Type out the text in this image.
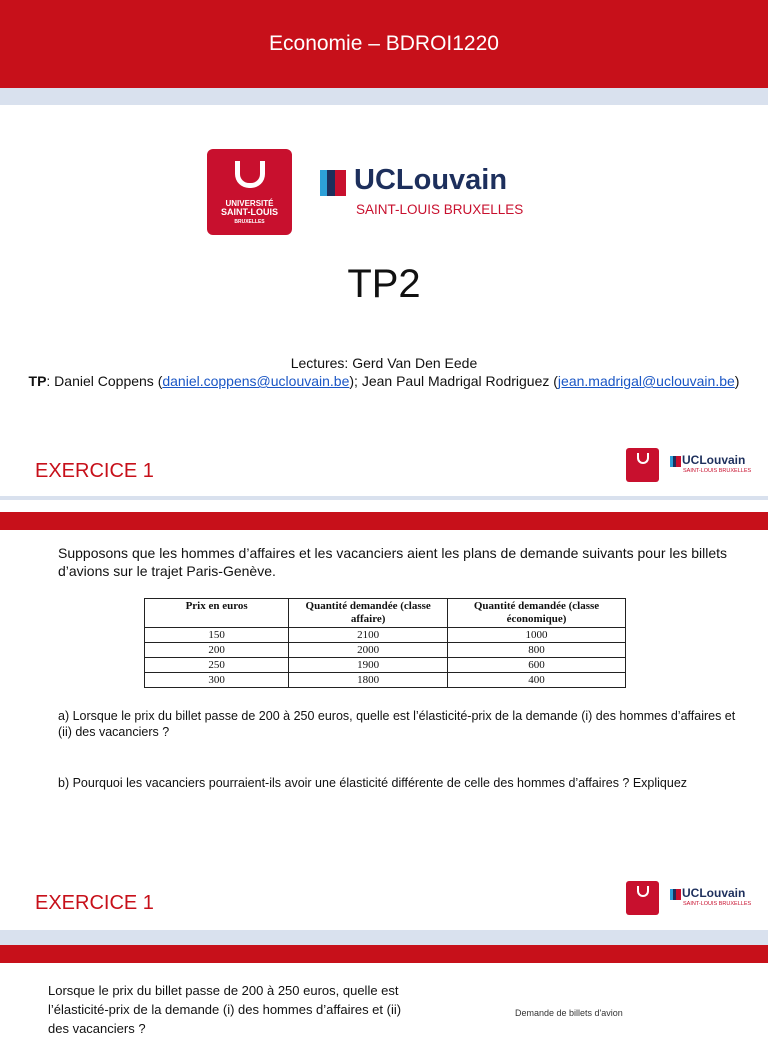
Economie – BDROI1220
UNIVERSITÉ
SAINT-LOUIS
BRUXELLES
UCLouvain
SAINT-LOUIS BRUXELLES
TP2
Lectures: Gerd Van Den Eede
TP: Daniel Coppens (daniel.coppens@uclouvain.be); Jean Paul Madrigal Rodriguez (jean.madrigal@uclouvain.be)
EXERCICE 1	UCLouvain
SAINT-LOUIS BRUXELLES
Supposons que les hommes d’affaires et les vacanciers aient les plans de demande suivants pour les billets d’avions sur le trajet Paris-Genève.
Prix en euros	Quantité demandée (classe affaire)	Quantité demandée (classe économique)
150	2100	1000
200	2000	800
250	1900	600
300	1800	400
a) Lorsque le prix du billet passe de 200 à 250 euros, quelle est l’élasticité-prix de la demande (i) des hommes d’affaires et (ii) des vacanciers ?
b) Pourquoi les vacanciers pourraient-ils avoir une élasticité différente de celle des hommes d’affaires ? Expliquez
EXERCICE 1	UCLouvain
SAINT-LOUIS BRUXELLES
Lorsque le prix du billet passe de 200 à 250 euros, quelle est l’élasticité-prix de la demande (i) des hommes d’affaires et (ii) des vacanciers ?
Demande de billets d'avion
